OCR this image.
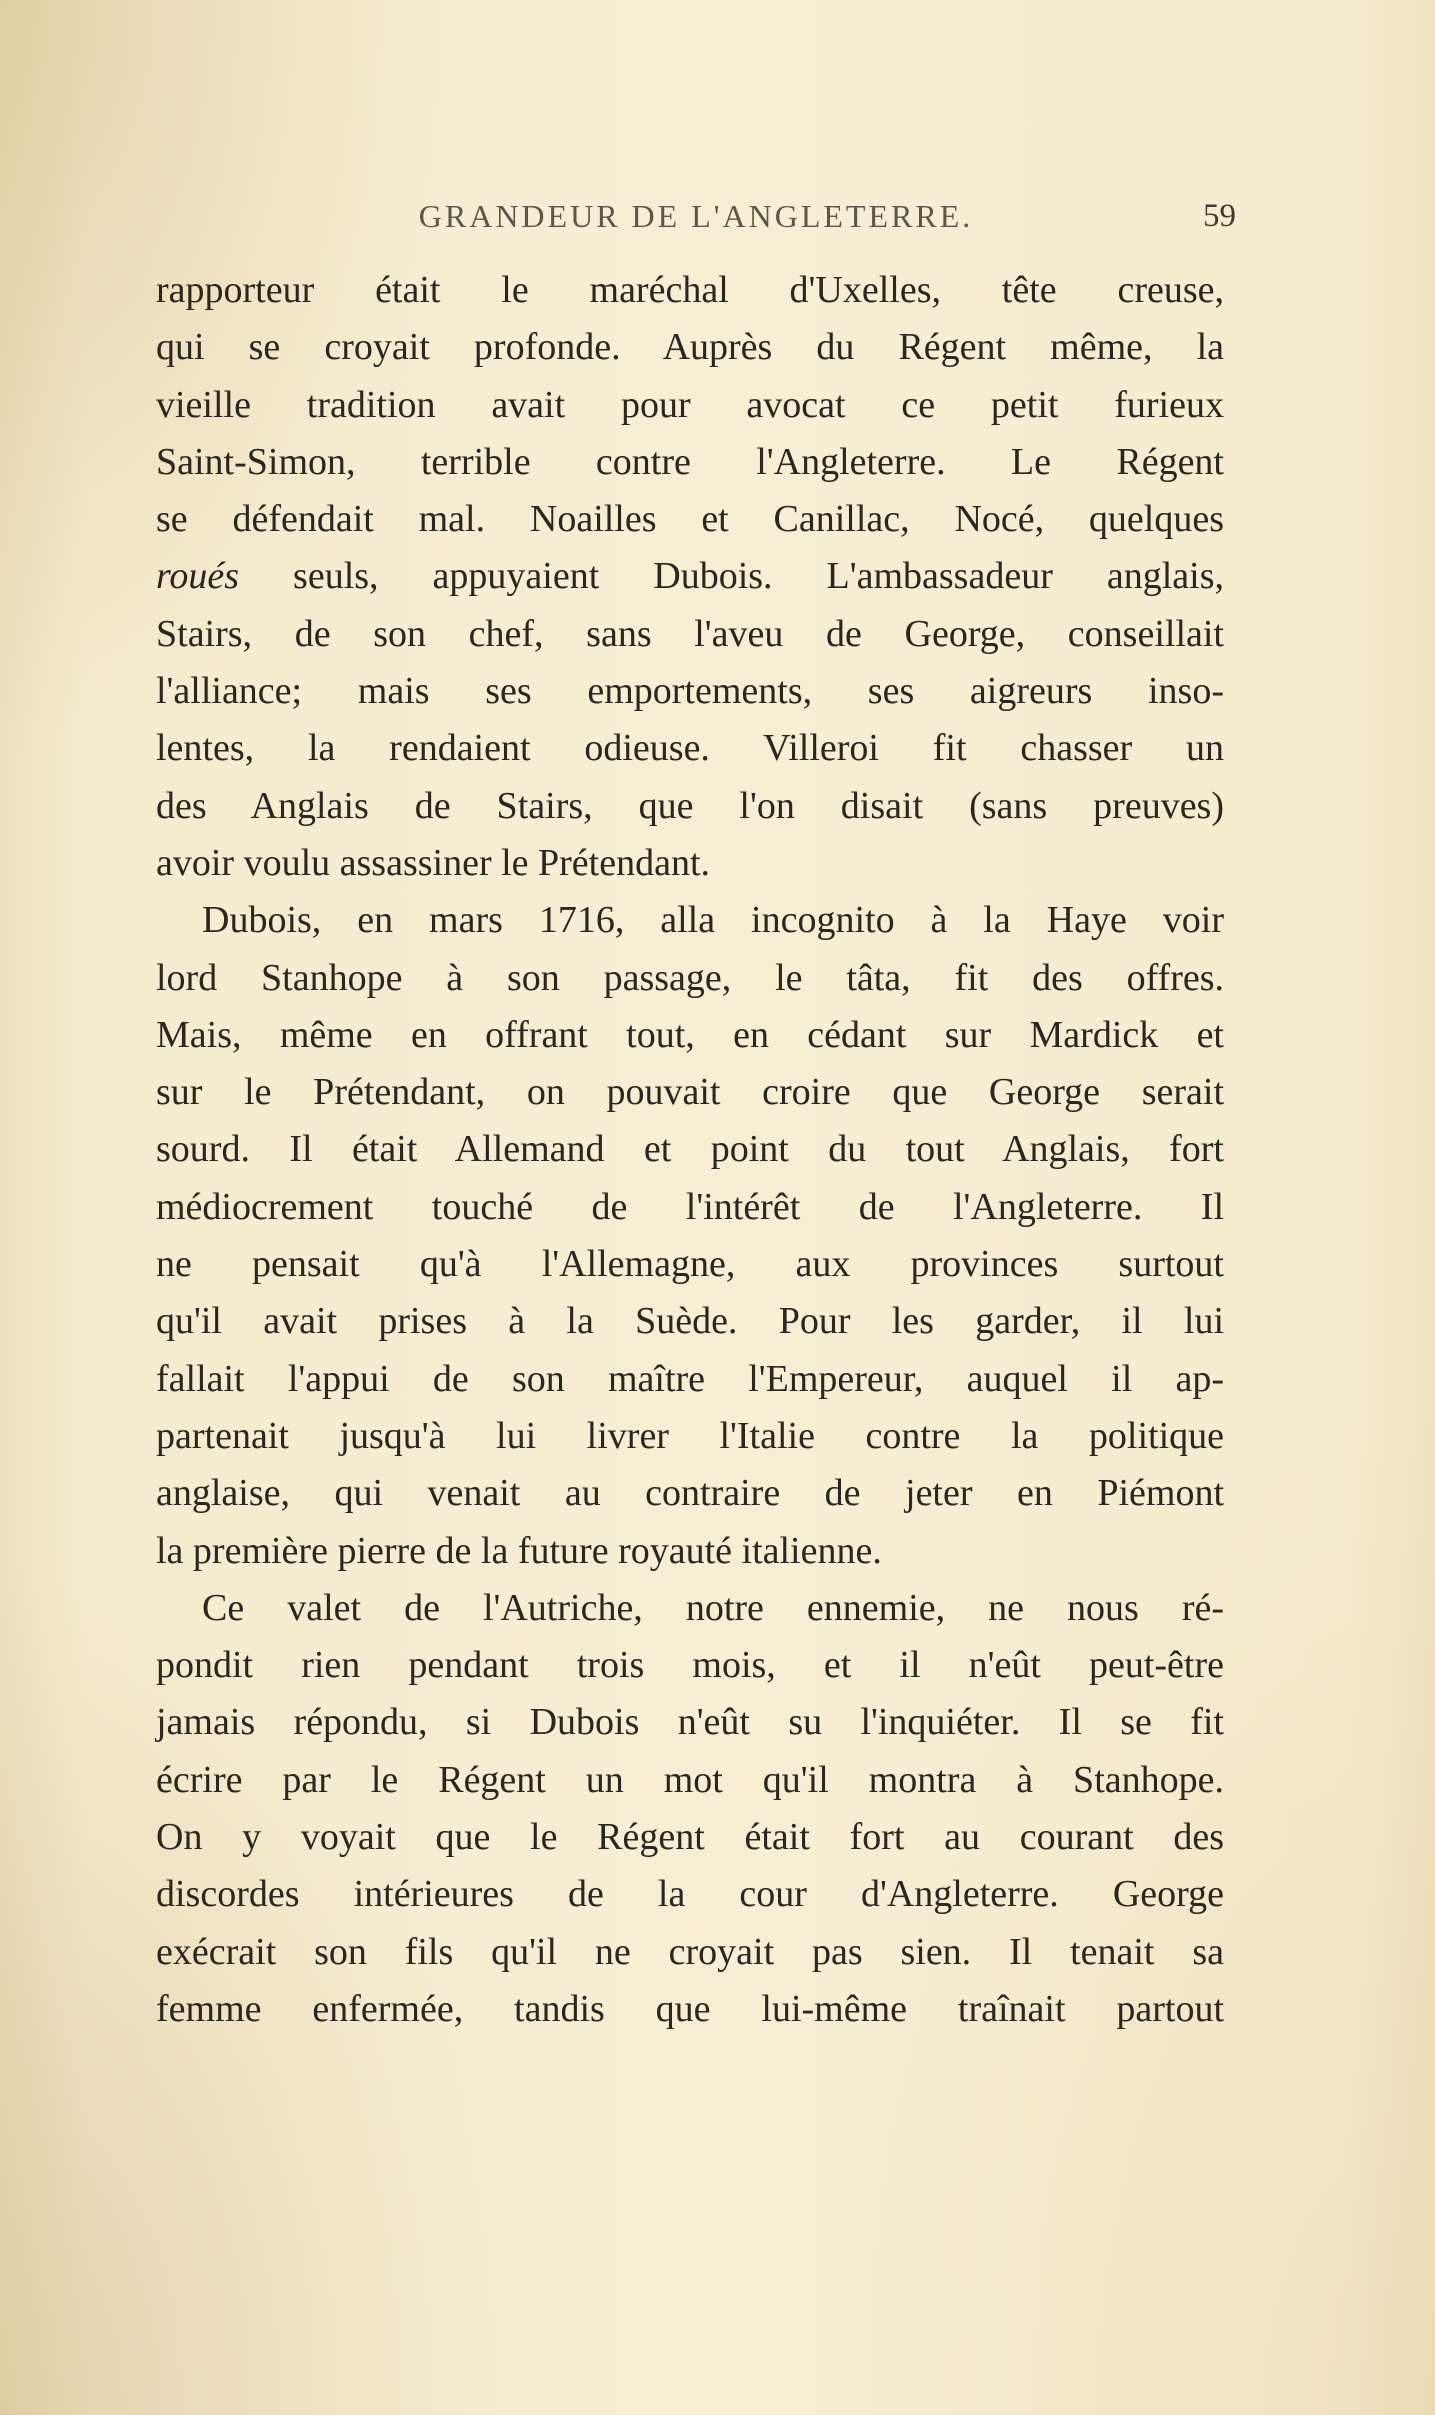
GRANDEUR DE L'ANGLETERRE.	59
rapporteur était le maréchal d'Uxelles, tête creuse,
qui se croyait profonde. Auprès du Régent même, la
vieille tradition avait pour avocat ce petit furieux
Saint-Simon, terrible contre l'Angleterre. Le Régent
se défendait mal. Noailles et Canillac, Nocé, quelques
roués seuls, appuyaient Dubois. L'ambassadeur anglais,
Stairs, de son chef, sans l'aveu de George, conseillait
l'alliance; mais ses emportements, ses aigreurs inso-
lentes, la rendaient odieuse. Villeroi fit chasser un
des Anglais de Stairs, que l'on disait (sans preuves)
avoir voulu assassiner le Prétendant.
Dubois, en mars 1716, alla incognito à la Haye voir
lord Stanhope à son passage, le tâta, fit des offres.
Mais, même en offrant tout, en cédant sur Mardick et
sur le Prétendant, on pouvait croire que George serait
sourd. Il était Allemand et point du tout Anglais, fort
médiocrement touché de l'intérêt de l'Angleterre. Il
ne pensait qu'à l'Allemagne, aux provinces surtout
qu'il avait prises à la Suède. Pour les garder, il lui
fallait l'appui de son maître l'Empereur, auquel il ap-
partenait jusqu'à lui livrer l'Italie contre la politique
anglaise, qui venait au contraire de jeter en Piémont
la première pierre de la future royauté italienne.
Ce valet de l'Autriche, notre ennemie, ne nous ré-
pondit rien pendant trois mois, et il n'eût peut-être
jamais répondu, si Dubois n'eût su l'inquiéter. Il se fit
écrire par le Régent un mot qu'il montra à Stanhope.
On y voyait que le Régent était fort au courant des
discordes intérieures de la cour d'Angleterre. George
exécrait son fils qu'il ne croyait pas sien. Il tenait sa
femme enfermée, tandis que lui-même traînait partout
